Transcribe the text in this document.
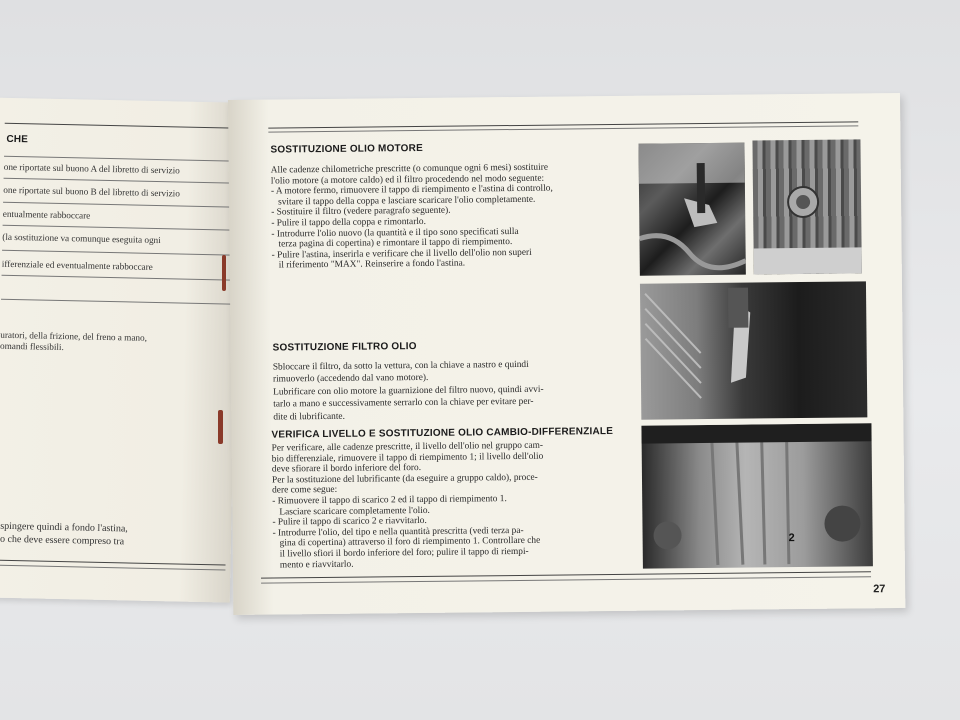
CHE
one riportate sul buono A del libretto di servizio
one riportate sul buono B del libretto di servizio
entualmente rabboccare
(la sostituzione va comunque eseguita ogni
ifferenziale ed eventualmente rabboccare
uratori, della frizione, del freno a mano,
omandi flessibili.
spingere quindi a fondo l'astina,
o che deve essere compreso tra
SOSTITUZIONE OLIO MOTORE
Alle cadenze chilometriche prescritte (o comunque ogni 6 mesi) sostituire
l'olio motore (a motore caldo) ed il filtro procedendo nel modo seguente:
- A motore fermo, rimuovere il tappo di riempimento e l'astina di controllo,
svitare il tappo della coppa e lasciare scaricare l'olio completamente.
- Sostituire il filtro (vedere paragrafo seguente).
- Pulire il tappo della coppa e rimontarlo.
- Introdurre l'olio nuovo (la quantità e il tipo sono specificati sulla
terza pagina di copertina) e rimontare il tappo di riempimento.
- Pulire l'astina, inserirla e verificare che il livello dell'olio non superi
il riferimento "MAX". Reinserire a fondo l'astina.
SOSTITUZIONE FILTRO OLIO
Sbloccare il filtro, da sotto la vettura, con la chiave a nastro e quindi
rimuoverlo (accedendo dal vano motore).
Lubrificare con olio motore la guarnizione del filtro nuovo, quindi avvi-
tarlo a mano e successivamente serrarlo con la chiave per evitare per-
dite di lubrificante.
VERIFICA LIVELLO E SOSTITUZIONE OLIO CAMBIO-DIFFERENZIALE
Per verificare, alle cadenze prescritte, il livello dell'olio nel gruppo cam-
bio differenziale, rimuovere il tappo di riempimento 1; il livello dell'olio
deve sfiorare il bordo inferiore del foro.
Per la sostituzione del lubrificante (da eseguire a gruppo caldo), proce-
dere come segue:
- Rimuovere il tappo di scarico 2 ed il tappo di riempimento 1.
Lasciare scaricare completamente l'olio.
- Pulire il tappo di scarico 2 e riavvitarlo.
- Introdurre l'olio, del tipo e nella quantità prescritta (vedi terza pa-
gina di copertina) attraverso il foro di riempimento 1. Controllare che
il livello sfiori il bordo inferiore del foro; pulire il tappo di riempi-
mento e riavvitarlo.
2
27
